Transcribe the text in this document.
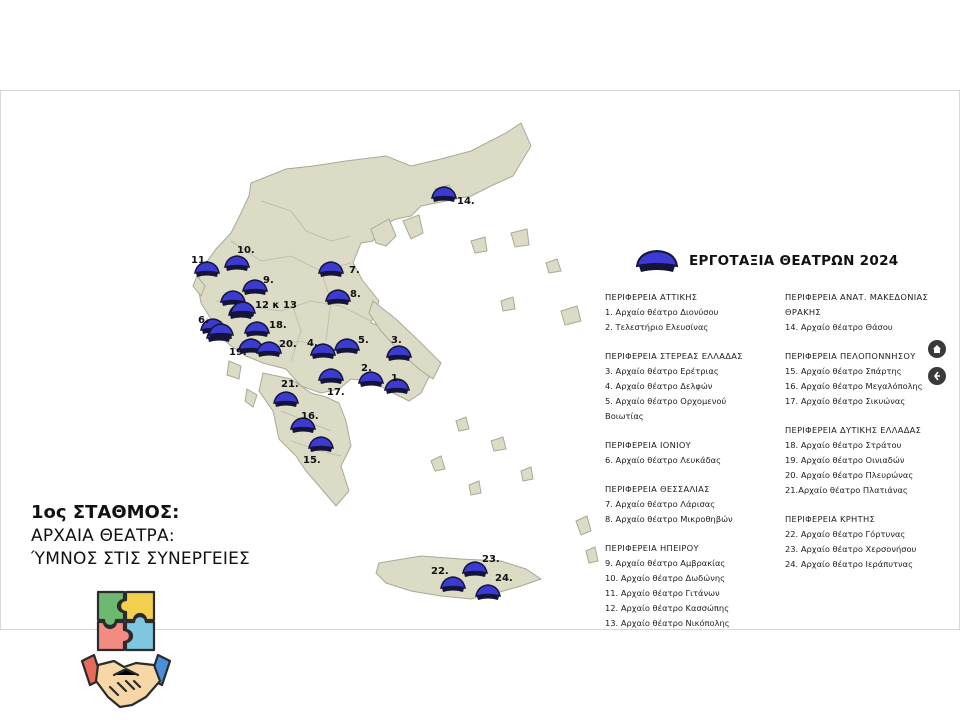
1.
2.
3.
4.	5.
6.
7.
8.
9.
10.
11.
12 κ 13
14.
15.
16.
17.
18.
19.
20.
21.
22.
23.
24.
ΕΡΓΟΤΑΞΙΑ ΘΕΑΤΡΩΝ 2024
ΠΕΡΙΦΕΡΕΙΑ ΑΤΤΙΚΗΣ
1. Αρχαίο θέατρο Διονύσου
2. Τελεστήριο Ελευσίνας
ΠΕΡΙΦΕΡΕΙΑ ΣΤΕΡΕΑΣ ΕΛΛΑΔΑΣ
3. Αρχαίο θέατρο Ερέτριας
4. Αρχαίο θέατρο Δελφών
5. Αρχαίο θέατρο Ορχομενού
Βοιωτίας
ΠΕΡΙΦΕΡΕΙΑ ΙΟΝΙΟΥ
6. Αρχαίο θέατρο Λευκάδας
ΠΕΡΙΦΕΡΕΙΑ ΘΕΣΣΑΛΙΑΣ
7. Αρχαίο θέατρο Λάρισας
8. Αρχαίο θέατρο Μικροθηβών
ΠΕΡΙΦΕΡΕΙΑ ΗΠΕΙΡΟΥ
9. Αρχαίο θέατρο Αμβρακίας
10. Αρχαίο θέατρο Δωδώνης
11. Αρχαίο θέατρο Γιτάνων
12. Αρχαίο θέατρο Κασσώπης
13. Αρχαίο θέατρο Νικόπολης
ΠΕΡΙΦΕΡΕΙΑ ΑΝΑΤ. ΜΑΚΕΔΟΝΙΑΣ ΘΡΑΚΗΣ
14. Αρχαίο θέατρο Θάσου
ΠΕΡΙΦΕΡΕΙΑ ΠΕΛΟΠΟΝΝΗΣΟΥ
15. Αρχαίο θέατρο Σπάρτης
16. Αρχαίο θέατρο Μεγαλόπολης
17. Αρχαίο θέατρο Σικυώνας
ΠΕΡΙΦΕΡΕΙΑ ΔΥΤΙΚΗΣ ΕΛΛΑΔΑΣ
18. Αρχαίο θέατρο Στράτου
19. Αρχαίο θέατρο Οινιαδών
20. Αρχαίο θέατρο Πλευρώνας
21.Αρχαίο θέατρο Πλατιάνας
ΠΕΡΙΦΕΡΕΙΑ ΚΡΗΤΗΣ
22. Αρχαίο θέατρο Γόρτυνας
23. Αρχαίο θέατρο Χερσονήσου
24. Αρχαίο θέατρο Ιεράπυτνας
1ος ΣΤΑΘΜΟΣ:
ΑΡΧΑΙΑ ΘΕΑΤΡΑ:
ΎΜΝΟΣ ΣΤΙΣ ΣΥΝΕΡΓΕΙΕΣ
